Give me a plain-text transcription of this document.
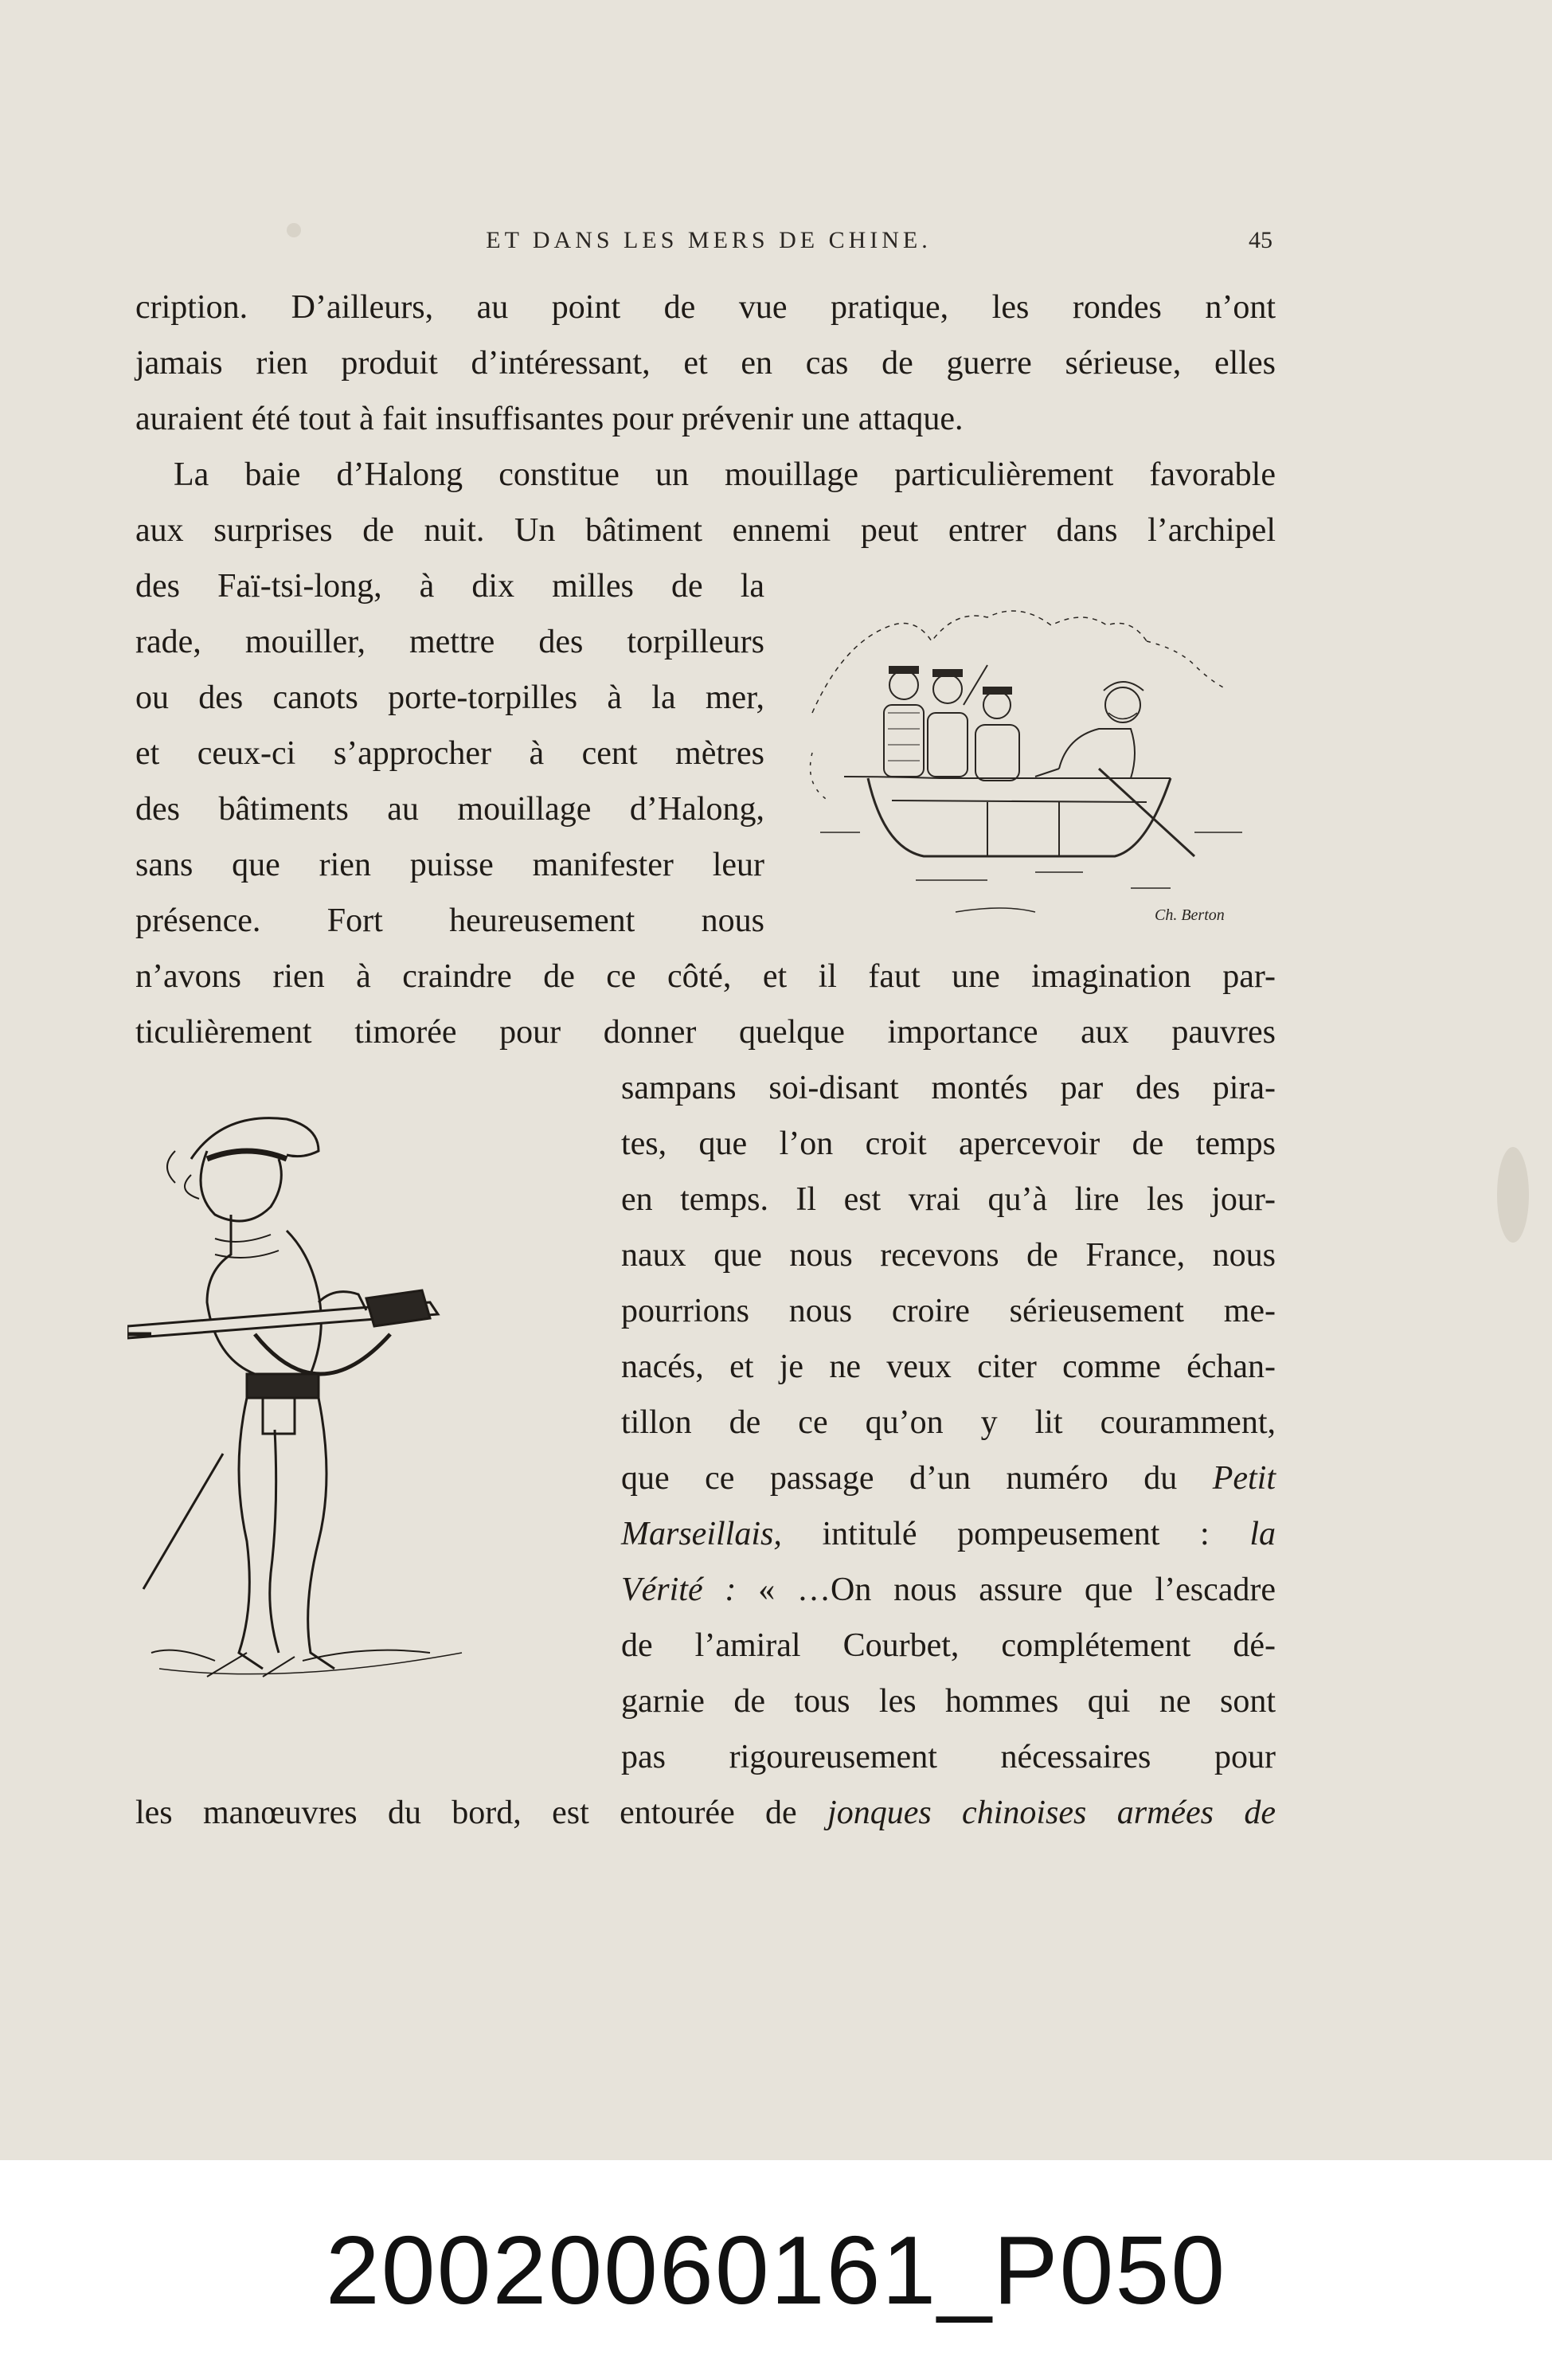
ET DANS LES MERS DE CHINE.	45
cription. D’ailleurs, au point de vue pratique, les rondes n’ont
jamais rien produit d’intéressant, et en cas de guerre sérieuse, elles
auraient été tout à fait insuffisantes pour prévenir une attaque.
La baie d’Halong constitue un mouillage particulièrement favorable
aux surprises de nuit. Un bâtiment ennemi peut entrer dans l’archipel
des Faï-tsi-long, à dix milles de la
rade, mouiller, mettre des torpilleurs
ou des canots porte-torpilles à la mer,
et ceux-ci s’approcher à cent mètres
des bâtiments au mouillage d’Halong,
sans que rien puisse manifester leur
présence. Fort heureusement nous
n’avons rien à craindre de ce côté, et il faut une imagination par-
ticulièrement timorée pour donner quelque importance aux pauvres
sampans soi-disant montés par des pira-
tes, que l’on croit apercevoir de temps
en temps. Il est vrai qu’à lire les jour-
naux que nous recevons de France, nous
pourrions nous croire sérieusement me-
nacés, et je ne veux citer comme échan-
tillon de ce qu’on y lit couramment,
que ce passage d’un numéro du Petit
Marseillais, intitulé pompeusement : la
Vérité : « …On nous assure que l’escadre
de l’amiral Courbet, complétement dé-
garnie de tous les hommes qui ne sont
pas rigoureusement nécessaires pour
les manœuvres du bord, est entourée de jonques chinoises armées de
Ch. Berton
20020060161_P050
